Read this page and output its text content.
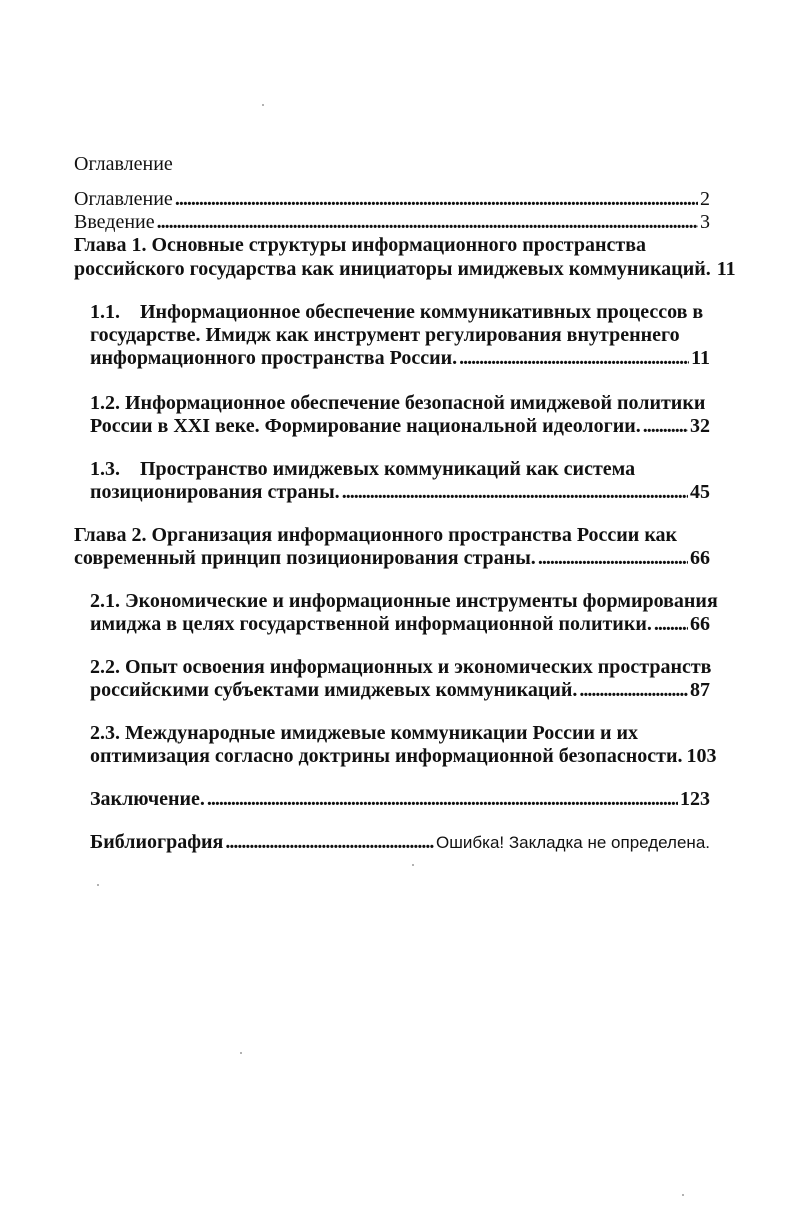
Оглавление
Оглавление . . .	2
Введение . . .	3
Глава 1. Основные структуры информационного пространства
российского государства как инициаторы имиджевых коммуникаций. 11
1.1.    Информационное обеспечение коммуникативных процессов в
государстве. Имидж как инструмент регулирования внутреннего
информационного пространства России. . . .	11
1.2. Информационное обеспечение безопасной имиджевой политики
России в XXI веке. Формирование национальной идеологии. . . . 32
1.3.    Пространство имиджевых коммуникаций как система
позиционирования страны. . . .	45
Глава 2. Организация информационного пространства России как
современный принцип позиционирования страны. . . .	66
2.1. Экономические и информационные инструменты формирования
имиджа в целях государственной информационной политики. . . . 66
2.2. Опыт освоения информационных и экономических пространств
российскими субъектами имиджевых коммуникаций. . . .	87
2.3. Международные имиджевые коммуникации России и их
оптимизация согласно доктрины информационной безопасности. 103
Заключение. . . .	123
Библиография . . .	Ошибка! Закладка не определена.
